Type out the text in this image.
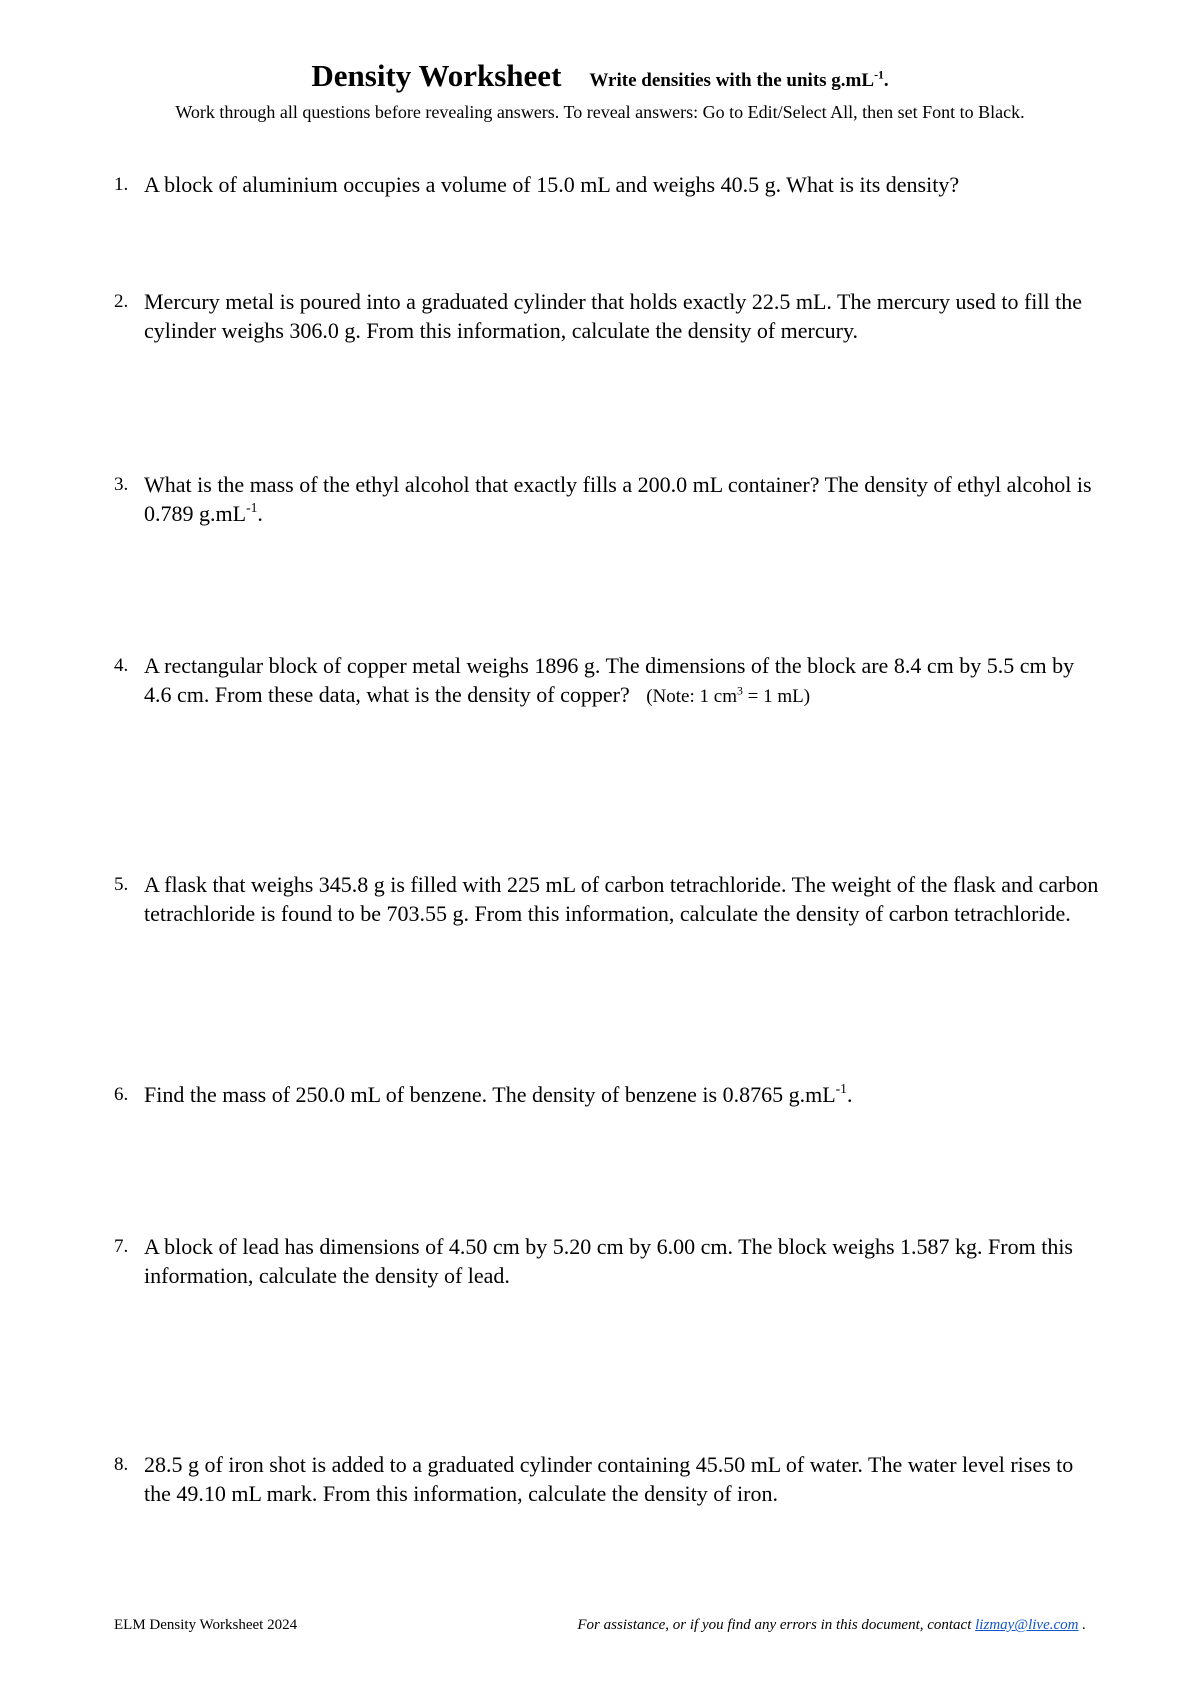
Density Worksheet Write densities with the units $g.mL^{-1}$.
Work through all questions before revealing answers. To reveal answers: Go to Edit/Select All, then set Font to Black.
1. A block of aluminium occupies a volume of 15.0 mL and weighs 40.5 g. What is its density?
2. Mercury metal is poured into a graduated cylinder that holds exactly 22.5 mL. The mercury used to fill the cylinder weighs 306.0 g. From this information, calculate the density of mercury.
3. What is the mass of the ethyl alcohol that exactly fills a 200.0 mL container? The density of ethyl alcohol is 0.789 $g.mL^{-1}$.
4. A rectangular block of copper metal weighs 1896 g. The dimensions of the block are 8.4 cm by 5.5 cm by 4.6 cm. From these data, what is the density of copper? (Note: 1 $cm^3 = 1$ mL)
5. A flask that weighs 345.8 g is filled with 225 mL of carbon tetrachloride. The weight of the flask and carbon tetrachloride is found to be 703.55 g. From this information, calculate the density of carbon tetrachloride.
6. Find the mass of 250.0 mL of benzene. The density of benzene is 0.8765 $g.mL^{-1}$.
7. A block of lead has dimensions of 4.50 cm by 5.20 cm by 6.00 cm. The block weighs 1.587 kg. From this information, calculate the density of lead.
8. 28.5 g of iron shot is added to a graduated cylinder containing 45.50 mL of water. The water level rises to the 49.10 mL mark. From this information, calculate the density of iron.
ELM Density Worksheet 2024	For assistance, or if you find any errors in this document, contact lizmay@live.com .
